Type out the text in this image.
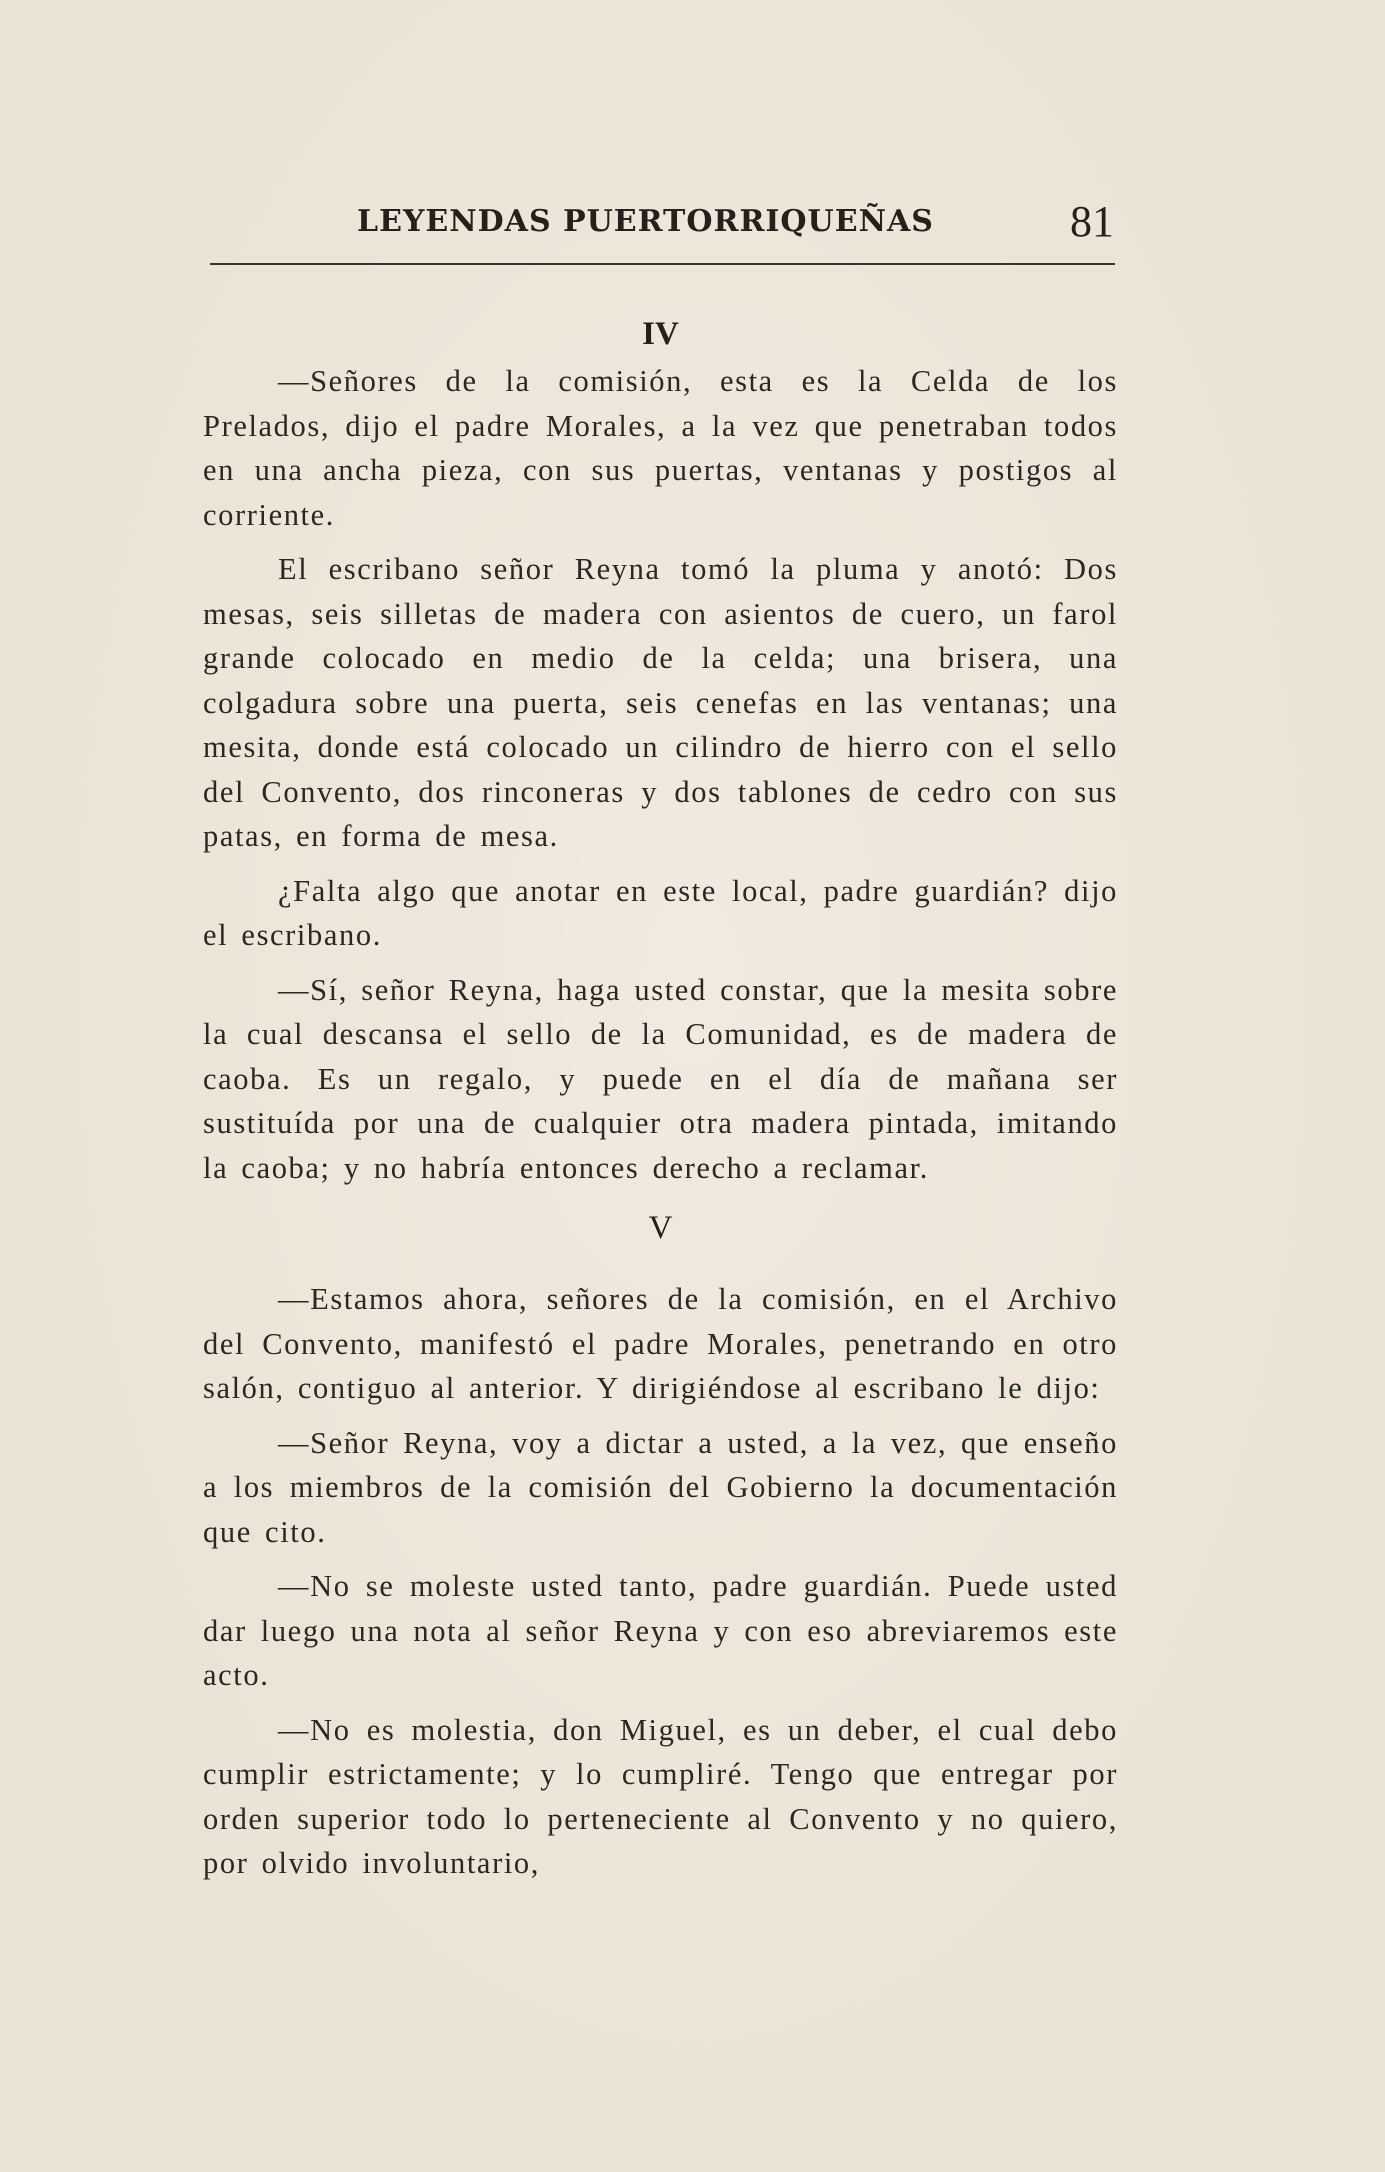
LEYENDAS PUERTORRIQUEÑAS	81
IV

—Señores de la comisión, esta es la Celda de los Prelados, dijo el padre Morales, a la vez que penetraban todos en una ancha pieza, con sus puertas, ventanas y postigos al corriente.

El escribano señor Reyna tomó la pluma y anotó: Dos mesas, seis silletas de madera con asientos de cuero, un farol grande colocado en medio de la celda; una brisera, una colgadura sobre una puerta, seis cenefas en las ventanas; una mesita, donde está colocado un cilindro de hierro con el sello del Convento, dos rinconeras y dos tablones de cedro con sus patas, en forma de mesa.

¿Falta algo que anotar en este local, padre guardián? dijo el escribano.

—Sí, señor Reyna, haga usted constar, que la mesita sobre la cual descansa el sello de la Comunidad, es de madera de caoba. Es un regalo, y puede en el día de mañana ser sustituída por una de cualquier otra madera pintada, imitando la caoba; y no habría entonces derecho a reclamar.

V

—Estamos ahora, señores de la comisión, en el Archivo del Convento, manifestó el padre Morales, penetrando en otro salón, contiguo al anterior. Y dirigiéndose al escribano le dijo:

—Señor Reyna, voy a dictar a usted, a la vez, que enseño a los miembros de la comisión del Gobierno la documentación que cito.

—No se moleste usted tanto, padre guardián. Puede usted dar luego una nota al señor Reyna y con eso abreviaremos este acto.

—No es molestia, don Miguel, es un deber, el cual debo cumplir estrictamente; y lo cumpliré. Tengo que entregar por orden superior todo lo perteneciente al Convento y no quiero, por olvido involuntario,
